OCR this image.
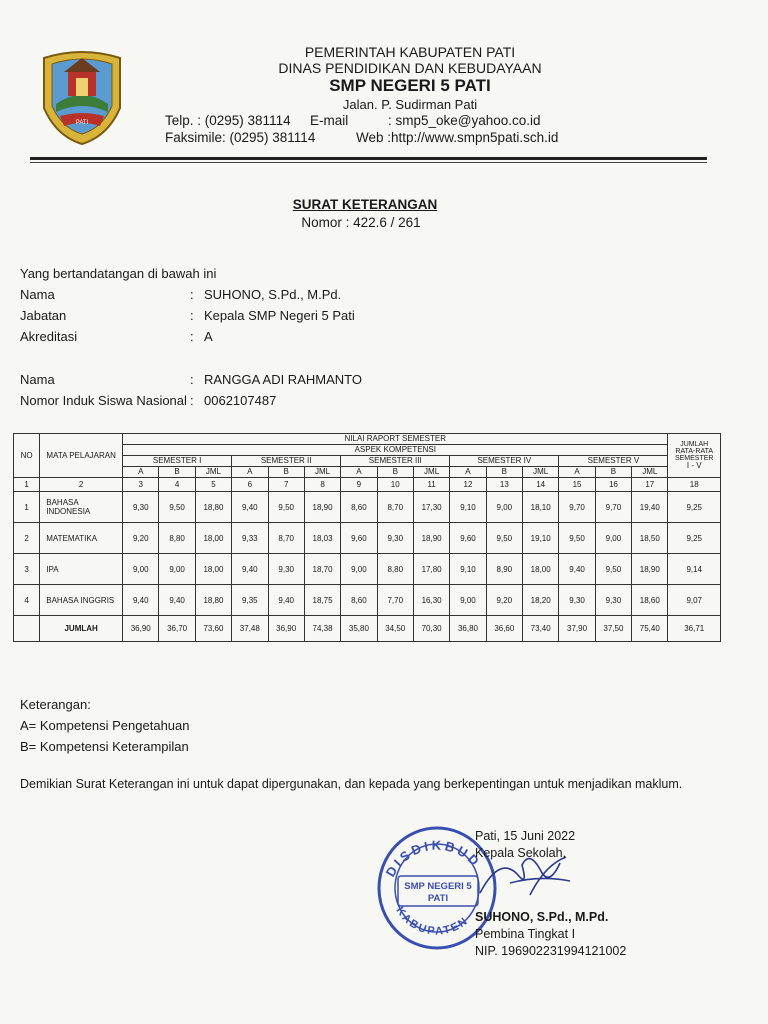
PATI
PEMERINTAH KABUPATEN PATI
DINAS PENDIDIKAN DAN KEBUDAYAAN
SMP NEGERI 5 PATI
Jalan. P. Sudirman Pati
Telp. : (0295) 381114 E-mail	: smp5_oke@yahoo.co.id
Faksimile: (0295) 381114	Web :http://www.smpn5pati.sch.id
SURAT KETERANGAN
Nomor : 422.6 / 261
Yang bertandatangan di bawah ini
Nama	: SUHONO, S.Pd., M.Pd.
Jabatan	: Kepala SMP Negeri 5 Pati
Akreditasi	: A
Nama	: RANGGA ADI RAHMANTO
Nomor Induk Siswa Nasional : 0062107487
NO	MATA PELAJARAN	NILAI RAPORT SEMESTER															JUMLAH RATA-RATA SEMESTER
I - V
		ASPEK KOMPETENSI															
		SEMESTER I			SEMESTER II			SEMESTER III			SEMESTER IV			SEMESTER V			
		A	B	JML	A	B	JML	A	B	JML	A	B	JML	A	B	JML	
1	2	3	4	5	6	7	8	9	10	11	12	13	14	15	16	17	18
1	BAHASA INDONESIA	9,30	9,50	18,80	9,40	9,50	18,90	8,60	8,70	17,30	9,10	9,00	18,10	9,70	9,70	19,40	9,25
2	MATEMATIKA	9,20	8,80	18,00	9,33	8,70	18,03	9,60	9,30	18,90	9,60	9,50	19,10	9,50	9,00	18,50	9,25
3	IPA	9,00	9,00	18,00	9,40	9,30	18,70	9,00	8,80	17,80	9,10	8,90	18,00	9,40	9,50	18,90	9,14
4	BAHASA INGGRIS	9,40	9,40	18,80	9,35	9,40	18,75	8,60	7,70	16,30	9,00	9,20	18,20	9,30	9,30	18,60	9,07
	JUMLAH	36,90	36,70	73,60	37,48	36,90	74,38	35,80	34,50	70,30	36,80	36,60	73,40	37,90	37,50	75,40	36,71
Keterangan:
A= Kompetensi Pengetahuan
B= Kompetensi Keterampilan
Demikian Surat Keterangan ini untuk dapat dipergunakan, dan kepada yang berkepentingan untuk menjadikan maklum.
DISDIKBUD
KABUPATEN
SMP NEGERI 5
PATI
Pati, 15 Juni 2022
Kepala Sekolah,
SUHONO, S.Pd., M.Pd.
Pembina Tingkat I
NIP. 196902231994121002
